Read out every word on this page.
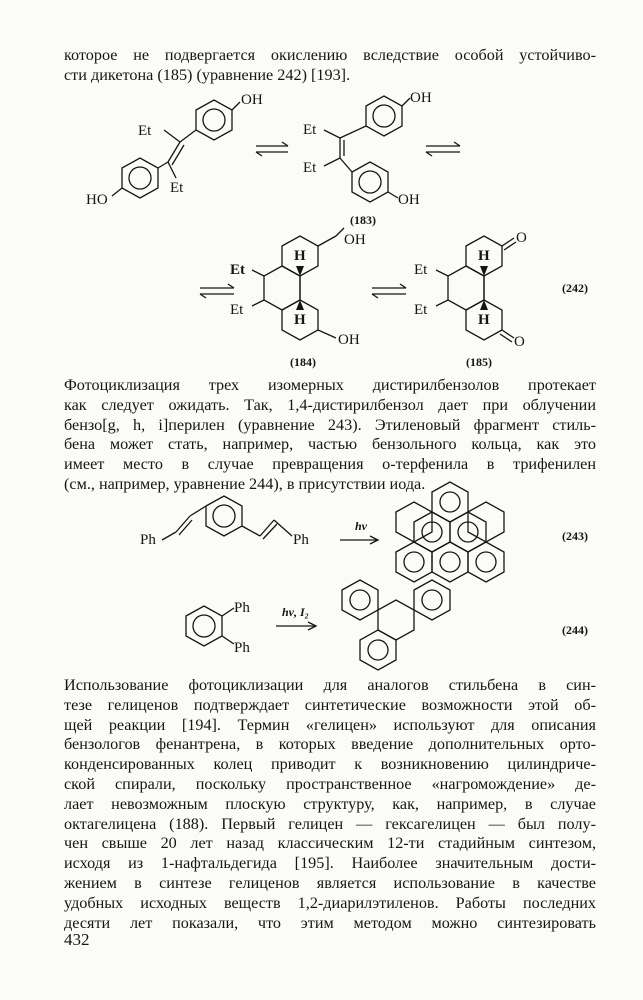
которое не подвергается окислению вследствие особой устойчиво-
сти дикетона (185) (уравнение 242) [193].

OH
Et
Et
HO
OH
Et
Et
OH
(183)
OH
OH
H
H
Et
Et
(184)
O
O
H
H
Et
Et
(185)
(242)

Фотоциклизация трех изомерных дистирилбензолов протекает
как следует ожидать. Так, 1,4-дистирилбензол дает при облучении
бензо[g, h, i]перилен (уравнение 243). Этиленовый фрагмент стиль-
бена может стать, например, частью бензольного кольца, как это
имеет место в случае превращения о-терфенила в трифенилен
(см., например, уравнение 244), в присутствии иода.

Ph	Ph
hν
(243)
Ph
Ph
hν, I₂
(244)

Использование фотоциклизации для аналогов стильбена в син-
тезе гелиценов подтверждает синтетические возможности этой об-
щей реакции [194]. Термин «гелицен» используют для описания
бензологов фенантрена, в которых введение дополнительных орто-
конденсированных колец приводит к возникновению цилиндриче-
ской спирали, поскольку пространственное «нагромождение» де-
лает невозможным плоскую структуру, как, например, в случае
октагелицена (188). Первый гелицен — гексагелицен — был полу-
чен свыше 20 лет назад классическим 12-ти стадийным синтезом,
исходя из 1-нафтальдегида [195]. Наиболее значительным дости-
жением в синтезе гелиценов является использование в качестве
удобных исходных веществ 1,2-диарилэтиленов. Работы последних
десяти лет показали, что этим методом можно синтезировать

432
